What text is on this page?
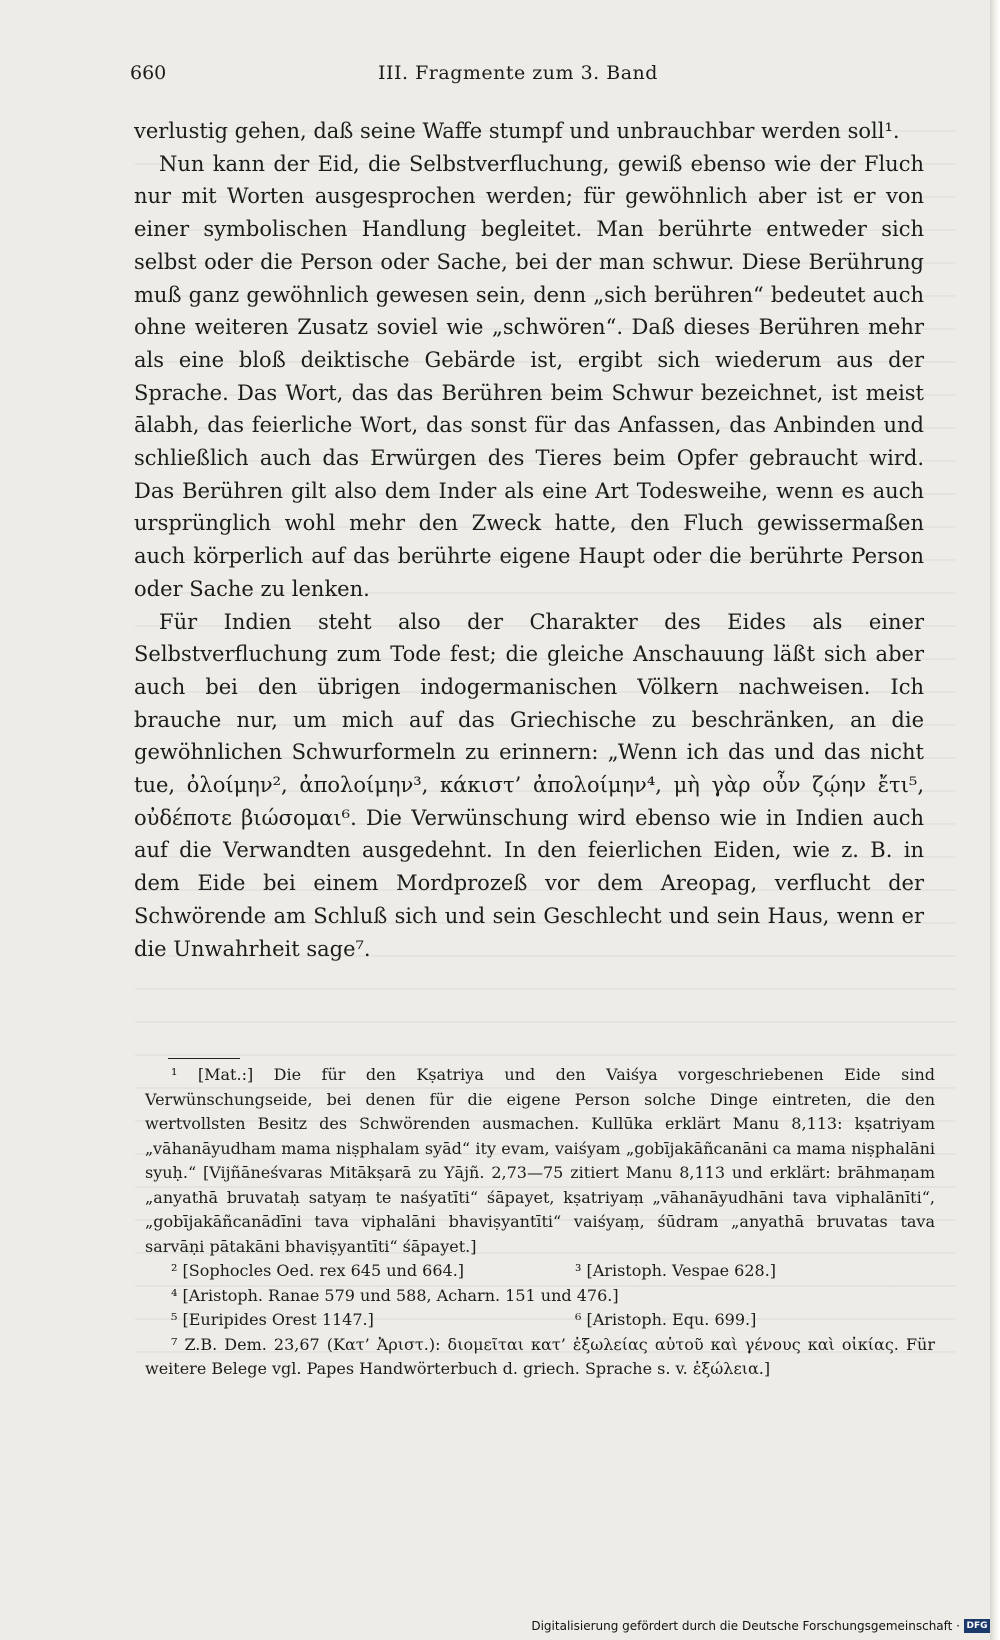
660	III. Fragmente zum 3. Band

verlustig gehen, daß seine Waffe stumpf und unbrauchbar werden soll¹.

Nun kann der Eid, die Selbstverfluchung, gewiß ebenso wie der Fluch nur mit Worten ausgesprochen werden; für gewöhnlich aber ist er von einer symbolischen Handlung begleitet. Man berührte entweder sich selbst oder die Person oder Sache, bei der man schwur. Diese Berührung muß ganz gewöhnlich gewesen sein, denn „sich berühren“ bedeutet auch ohne weiteren Zusatz soviel wie „schwören“. Daß dieses Berühren mehr als eine bloß deiktische Gebärde ist, ergibt sich wiederum aus der Sprache. Das Wort, das das Berühren beim Schwur bezeichnet, ist meist ālabh, das feierliche Wort, das sonst für das Anfassen, das Anbinden und schließlich auch das Erwürgen des Tieres beim Opfer gebraucht wird. Das Berühren gilt also dem Inder als eine Art Todesweihe, wenn es auch ursprünglich wohl mehr den Zweck hatte, den Fluch gewissermaßen auch körperlich auf das berührte eigene Haupt oder die berührte Person oder Sache zu lenken.

Für Indien steht also der Charakter des Eides als einer Selbstverfluchung zum Tode fest; die gleiche Anschauung läßt sich aber auch bei den übrigen indogermanischen Völkern nachweisen. Ich brauche nur, um mich auf das Griechische zu beschränken, an die gewöhnlichen Schwurformeln zu erinnern: „Wenn ich das und das nicht tue, ὀλοίμην², ἀπολοίμην³, κάκιστ’ ἀπολοίμην⁴, μὴ γὰρ οὖν ζῴην ἔτι⁵, οὐδέποτε βιώσομαι⁶. Die Verwünschung wird ebenso wie in Indien auch auf die Verwandten ausgedehnt. In den feierlichen Eiden, wie z. B. in dem Eide bei einem Mordprozeß vor dem Areopag, verflucht der Schwörende am Schluß sich und sein Geschlecht und sein Haus, wenn er die Unwahrheit sage⁷.

¹ [Mat.:] Die für den Kṣatriya und den Vaiśya vorgeschriebenen Eide sind Verwünschungseide, bei denen für die eigene Person solche Dinge eintreten, die den wertvollsten Besitz des Schwörenden ausmachen. Kullūka erklärt Manu 8,113: kṣatriyam „vāhanāyudham mama niṣphalam syād“ ity evam, vaiśyam „gobījakāñcanāni ca mama niṣphalāni syuḥ.“ [Vijñāneśvaras Mitākṣarā zu Yājñ. 2,73—75 zitiert Manu 8,113 und erklärt: brāhmaṇam „anyathā bruvataḥ satyaṃ te naśyatīti“ śāpayet, kṣatriyaṃ „vāhanāyudhāni tava viphalānīti“, „gobījakāñcanādīni tava viphalāni bhaviṣyantīti“ vaiśyaṃ, śūdram „anyathā bruvatas tava sarvāṇi pātakāni bhaviṣyantīti“ śāpayet.]

² [Sophocles Oed. rex 645 und 664.]	³ [Aristoph. Vespae 628.]

⁴ [Aristoph. Ranae 579 und 588, Acharn. 151 und 476.]

⁵ [Euripides Orest 1147.]	⁶ [Aristoph. Equ. 699.]

⁷ Z.B. Dem. 23,67 (Κατ’ Ἀριστ.): διομεῖται κατ’ ἐξωλείας αὑτοῦ καὶ γένους καὶ οἰκίας. Für weitere Belege vgl. Papes Handwörterbuch d. griech. Sprache s. v. ἐξώλεια.]

Digitalisierung gefördert durch die Deutsche Forschungsgemeinschaft · DFG
